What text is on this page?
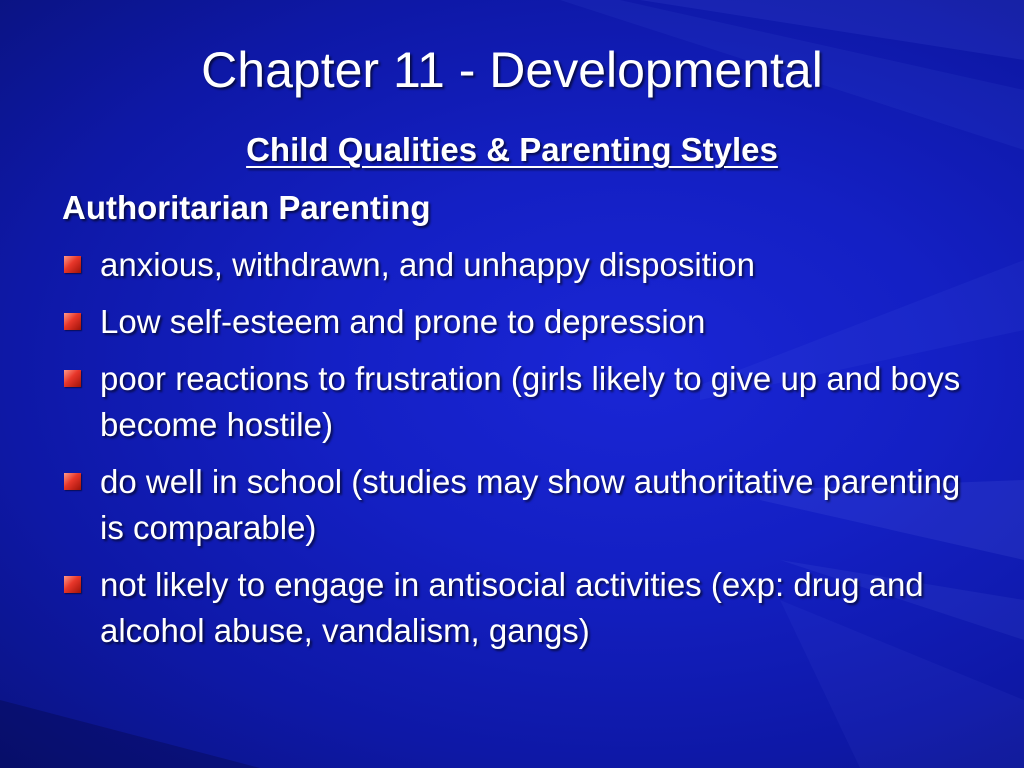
Chapter 11 - Developmental
Child Qualities & Parenting Styles
Authoritarian Parenting
anxious, withdrawn, and unhappy disposition
Low self-esteem and prone to depression
poor reactions to frustration (girls likely to give up and boys become hostile)
do well in school (studies may show authoritative parenting is comparable)
not likely to engage in antisocial activities (exp: drug and alcohol abuse, vandalism, gangs)
